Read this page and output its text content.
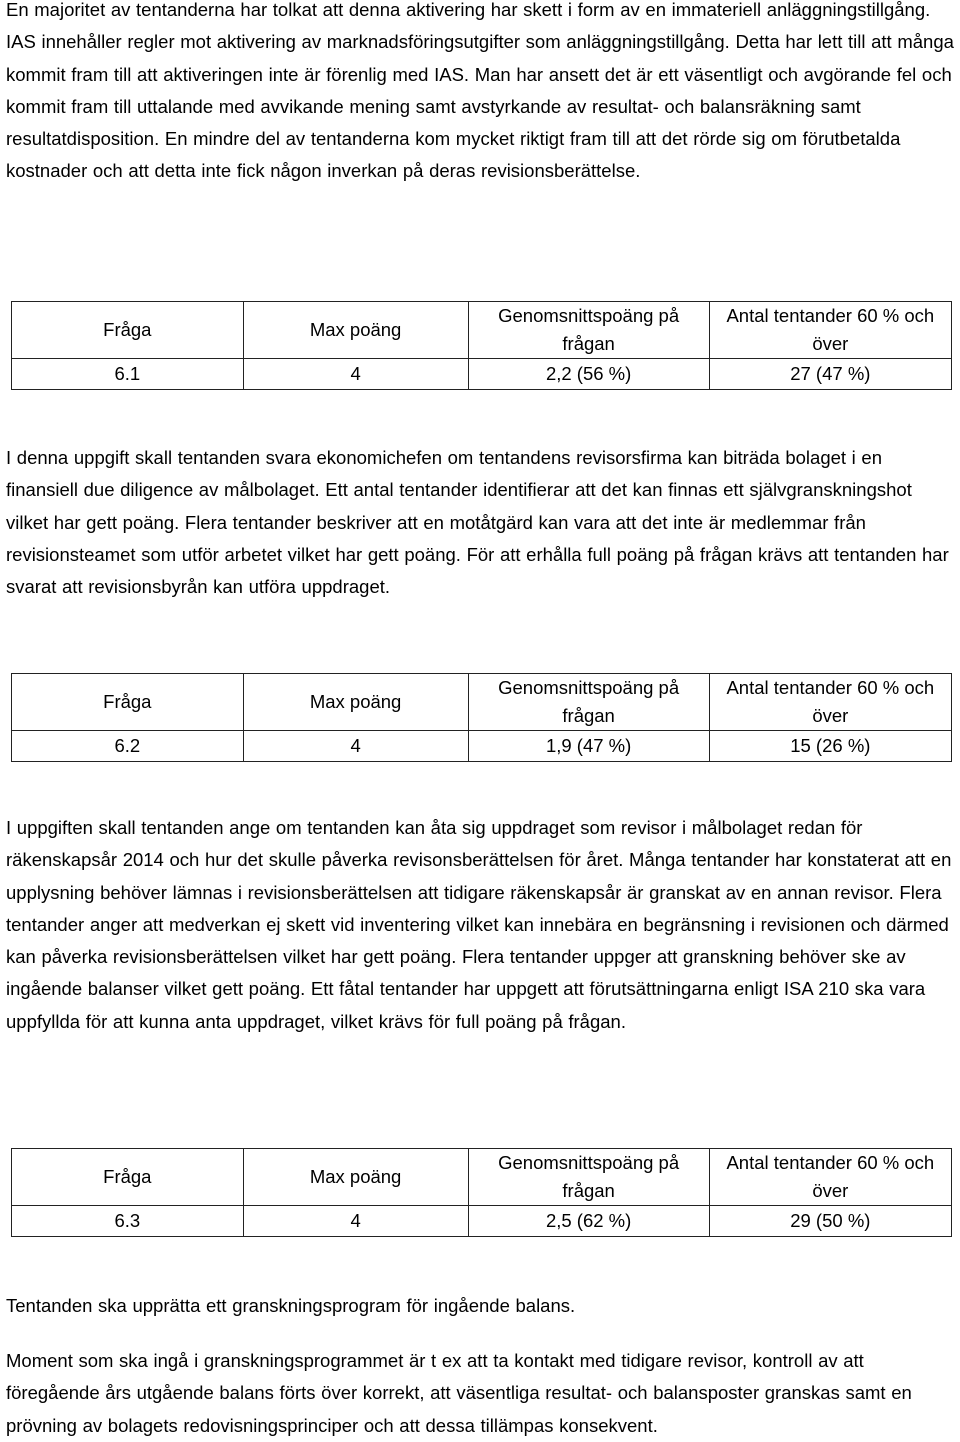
En majoritet av tentanderna har tolkat att denna aktivering har skett i form av en immateriell anläggningstillgång. IAS innehåller regler mot aktivering av marknadsföringsutgifter som anläggningstillgång. Detta har lett till att många kommit fram till att aktiveringen inte är förenlig med IAS. Man har ansett det är ett väsentligt och avgörande fel och kommit fram till uttalande med avvikande mening samt avstyrkande av resultat- och balansräkning samt resultatdisposition. En mindre del av tentanderna kom mycket riktigt fram till att det rörde sig om förutbetalda kostnader och att detta inte fick någon inverkan på deras revisionsberättelse.

Fråga	Max poäng	Genomsnittspoäng på frågan	Antal tentander 60 % och över
6.1	4	2,2 (56 %)	27 (47 %)

I denna uppgift skall tentanden svara ekonomichefen om tentandens revisorsfirma kan biträda bolaget i en finansiell due diligence av målbolaget. Ett antal tentander identifierar att det kan finnas ett självgranskningshot vilket har gett poäng. Flera tentander beskriver att en motåtgärd kan vara att det inte är medlemmar från revisionsteamet som utför arbetet vilket har gett poäng. För att erhålla full poäng på frågan krävs att tentanden har svarat att revisionsbyrån kan utföra uppdraget.

Fråga	Max poäng	Genomsnittspoäng på frågan	Antal tentander 60 % och över
6.2	4	1,9 (47 %)	15 (26 %)

I uppgiften skall tentanden ange om tentanden kan åta sig uppdraget som revisor i målbolaget redan för räkenskapsår 2014 och hur det skulle påverka revisonsberättelsen för året. Många tentander har konstaterat att en upplysning behöver lämnas i revisionsberättelsen att tidigare räkenskapsår är granskat av en annan revisor. Flera tentander anger att medverkan ej skett vid inventering vilket kan innebära en begränsning i revisionen och därmed kan påverka revisionsberättelsen vilket har gett poäng. Flera tentander uppger att granskning behöver ske av ingående balanser vilket gett poäng. Ett fåtal tentander har uppgett att förutsättningarna enligt ISA 210 ska vara uppfyllda för att kunna anta uppdraget, vilket krävs för full poäng på frågan.

Fråga	Max poäng	Genomsnittspoäng på frågan	Antal tentander 60 % och över
6.3	4	2,5 (62 %)	29 (50 %)

Tentanden ska upprätta ett granskningsprogram för ingående balans.

Moment som ska ingå i granskningsprogrammet är t ex att ta kontakt med tidigare revisor, kontroll av att föregående års utgående balans förts över korrekt, att väsentliga resultat- och balansposter granskas samt en prövning av bolagets redovisningsprinciper och att dessa tillämpas konsekvent.
